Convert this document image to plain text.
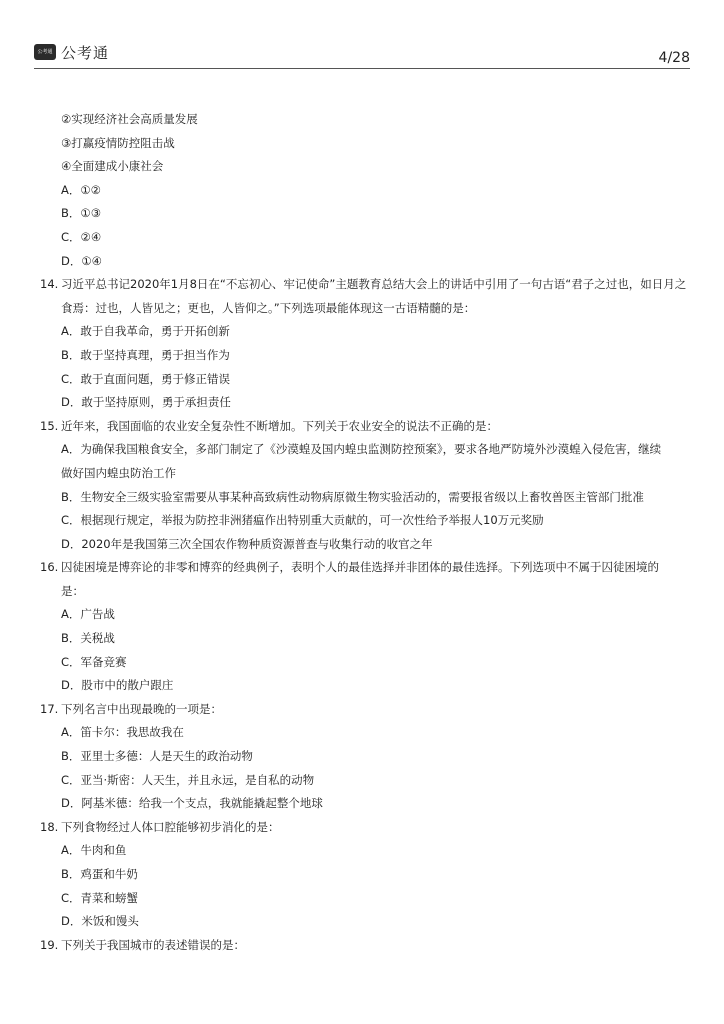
公考通 公考通	4/28
②实现经济社会高质量发展
③打赢疫情防控阻击战
④全面建成小康社会
A．①②
B．①③
C．②④
D．①④
14. 习近平总书记2020年1月8日在“不忘初心、牢记使命”主题教育总结大会上的讲话中引用了一句古语“君子之过也，如日月之
食焉：过也，人皆见之；更也，人皆仰之。”下列选项最能体现这一古语精髓的是：
A．敢于自我革命，勇于开拓创新
B．敢于坚持真理，勇于担当作为
C．敢于直面问题，勇于修正错误
D．敢于坚持原则，勇于承担责任
15. 近年来，我国面临的农业安全复杂性不断增加。下列关于农业安全的说法不正确的是：
A．为确保我国粮食安全，多部门制定了《沙漠蝗及国内蝗虫监测防控预案》，要求各地严防境外沙漠蝗入侵危害，继续
做好国内蝗虫防治工作
B．生物安全三级实验室需要从事某种高致病性动物病原微生物实验活动的，需要报省级以上畜牧兽医主管部门批准
C．根据现行规定，举报为防控非洲猪瘟作出特别重大贡献的，可一次性给予举报人10万元奖励
D．2020年是我国第三次全国农作物种质资源普查与收集行动的收官之年
16. 囚徒困境是博弈论的非零和博弈的经典例子，表明个人的最佳选择并非团体的最佳选择。下列选项中不属于囚徒困境的
是：
A．广告战
B．关税战
C．军备竞赛
D．股市中的散户跟庄
17. 下列名言中出现最晚的一项是：
A．笛卡尔：我思故我在
B．亚里士多德：人是天生的政治动物
C．亚当·斯密：人天生，并且永远，是自私的动物
D．阿基米德：给我一个支点，我就能撬起整个地球
18. 下列食物经过人体口腔能够初步消化的是：
A．牛肉和鱼
B．鸡蛋和牛奶
C．青菜和螃蟹
D．米饭和馒头
19. 下列关于我国城市的表述错误的是：
